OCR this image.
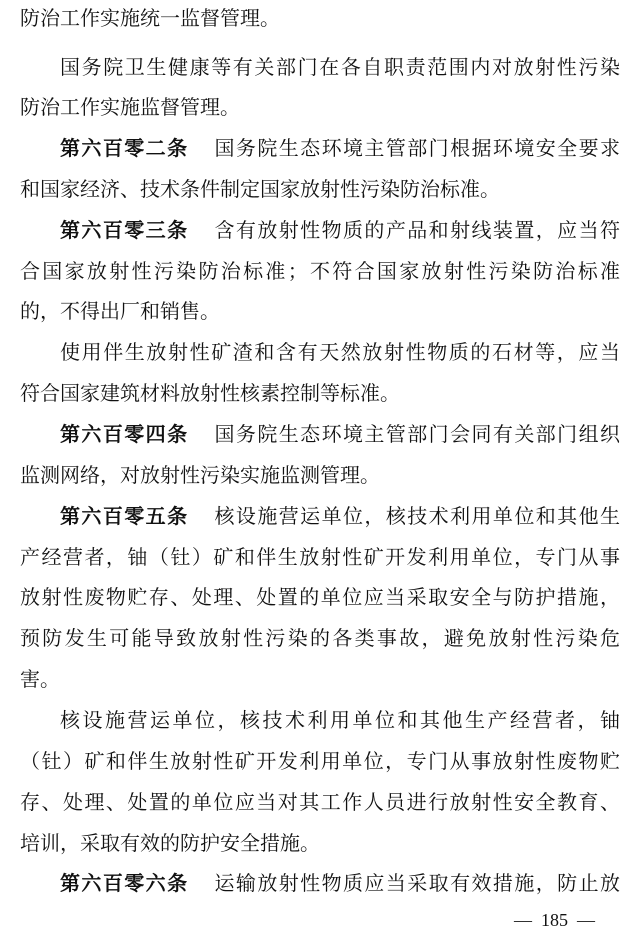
防治工作实施统一监督管理。
国务院卫生健康等有关部门在各自职责范围内对放射性污染
防治工作实施监督管理。
第六百零二条 国务院生态环境主管部门根据环境安全要求
和国家经济、技术条件制定国家放射性污染防治标准。
第六百零三条 含有放射性物质的产品和射线装置，应当符
合国家放射性污染防治标准；不符合国家放射性污染防治标准
的，不得出厂和销售。
使用伴生放射性矿渣和含有天然放射性物质的石材等，应当
符合国家建筑材料放射性核素控制等标准。
第六百零四条 国务院生态环境主管部门会同有关部门组织
监测网络，对放射性污染实施监测管理。
第六百零五条 核设施营运单位，核技术利用单位和其他生
产经营者，铀（钍）矿和伴生放射性矿开发利用单位，专门从事
放射性废物贮存、处理、处置的单位应当采取安全与防护措施，
预防发生可能导致放射性污染的各类事故，避免放射性污染危
害。
核设施营运单位，核技术利用单位和其他生产经营者，铀
（钍）矿和伴生放射性矿开发利用单位，专门从事放射性废物贮
存、处理、处置的单位应当对其工作人员进行放射性安全教育、
培训，采取有效的防护安全措施。
第六百零六条 运输放射性物质应当采取有效措施，防止放
— 185 —
